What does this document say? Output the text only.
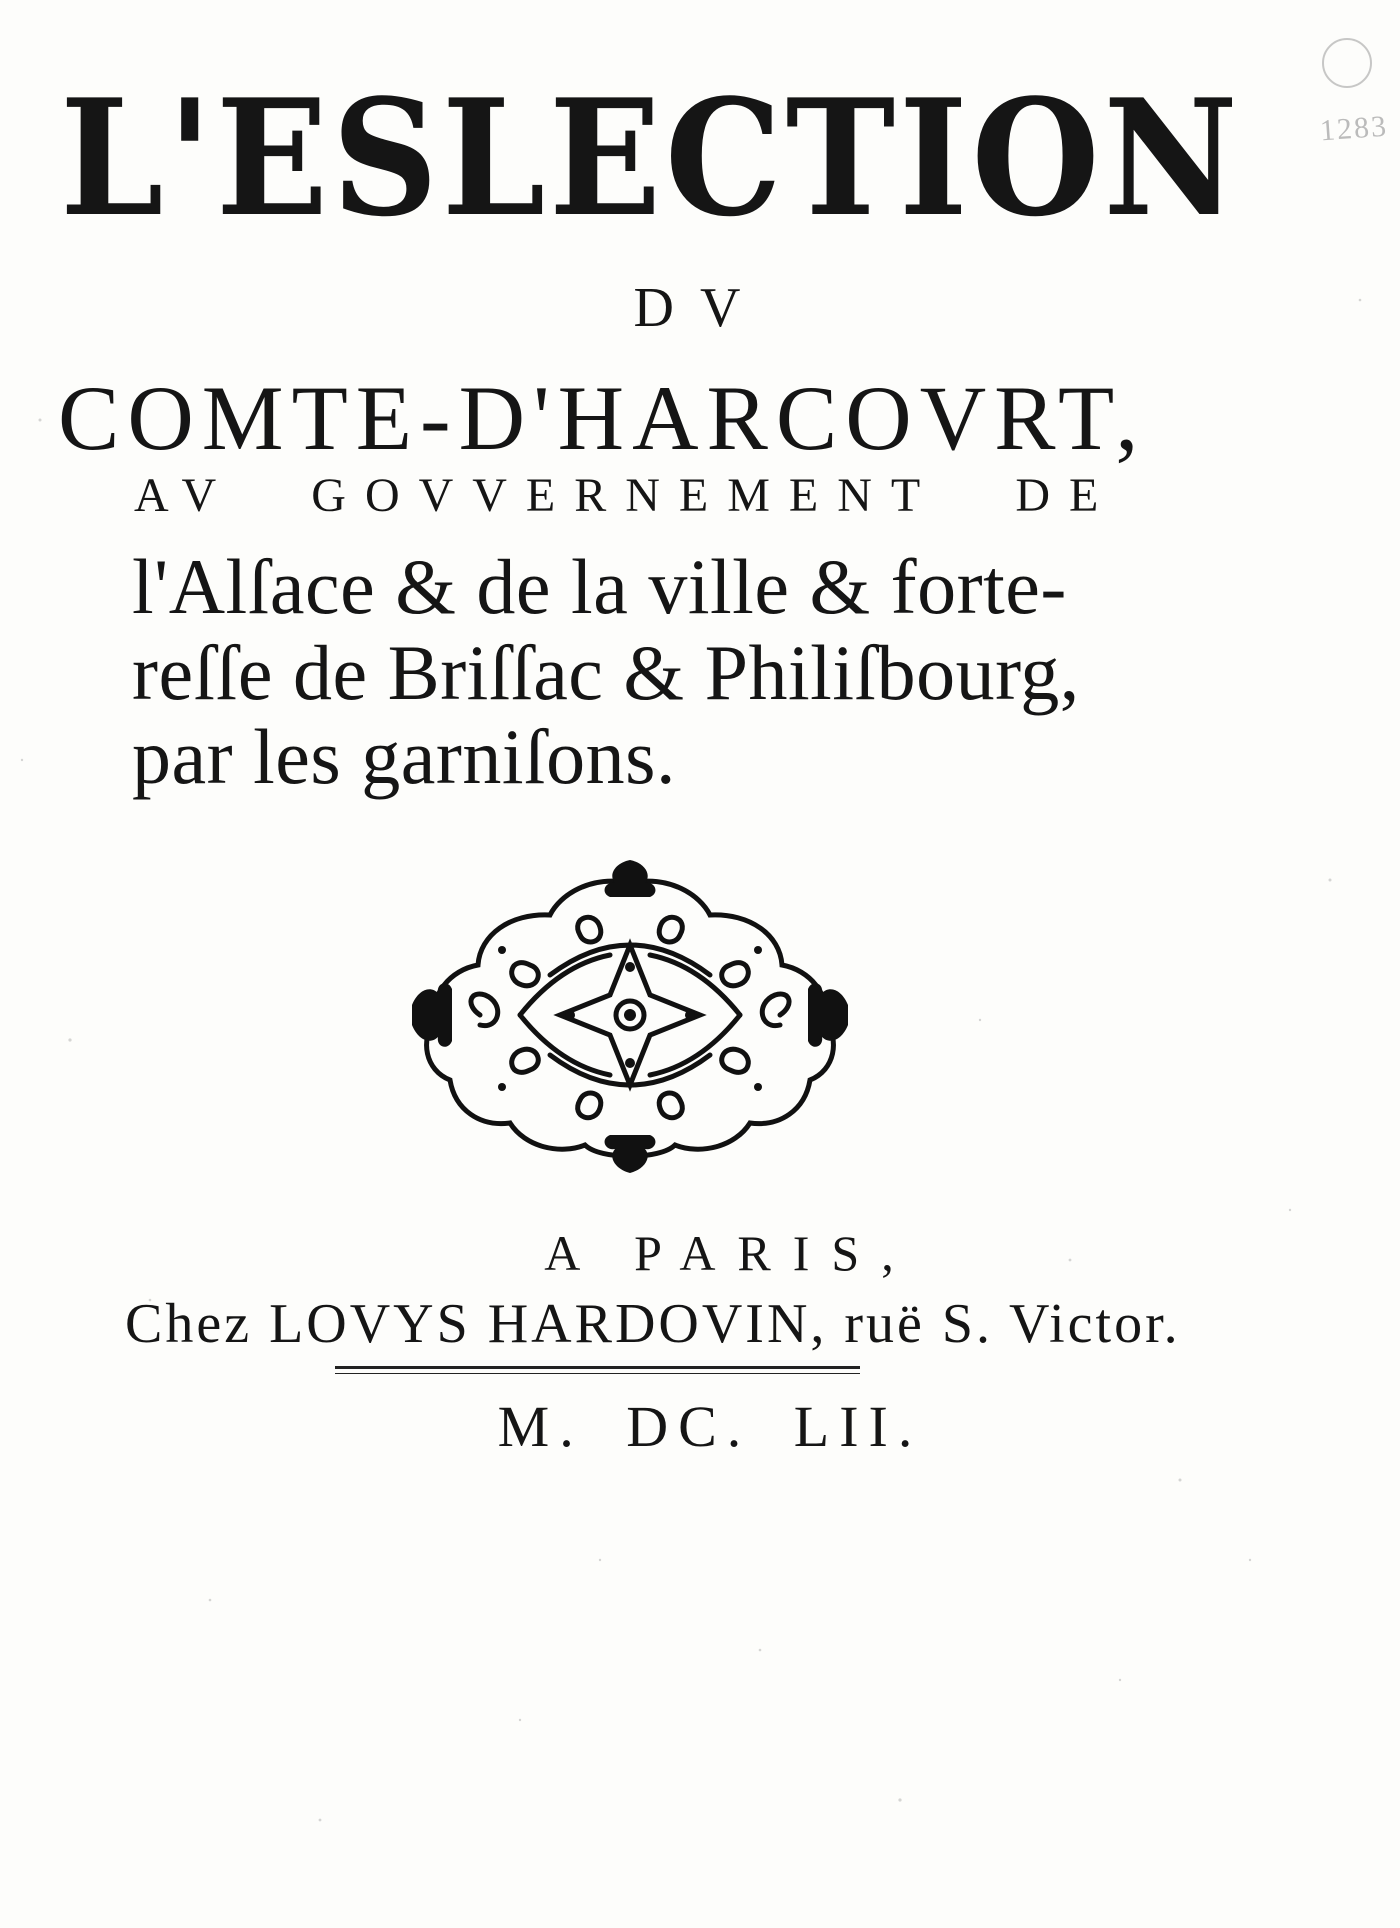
1283
L'ESLECTION
DV
COMTE-D'HARCOVRT,
AV GOVVERNEMENT DE
l'Alſace & de la ville & forte-
reſſe de Briſſac & Philiſbourg,
par les garniſons.
A PARIS,
Chez LOVYS HARDOVIN, ruë S. Victor.
M. DC. LII.
